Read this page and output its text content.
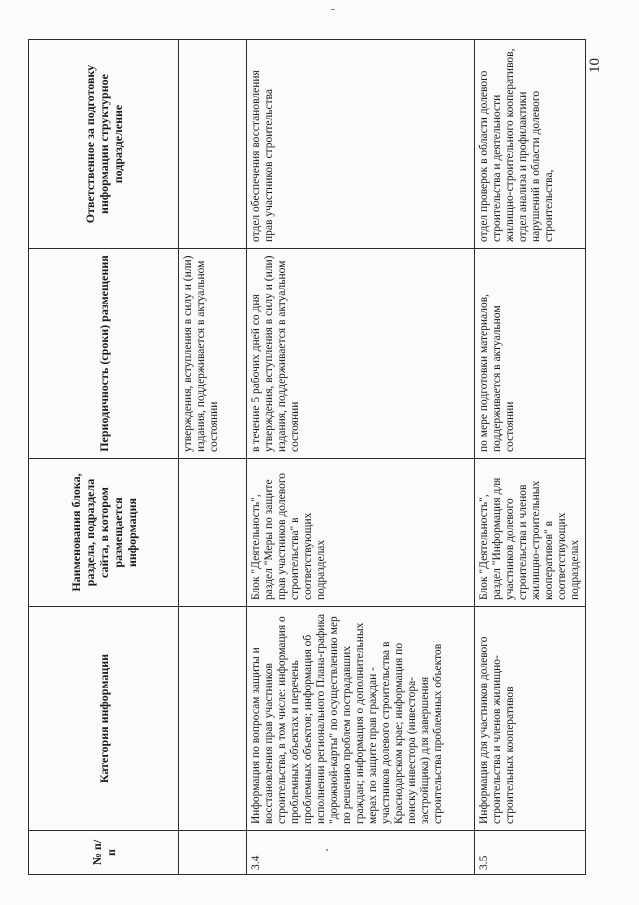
10
№ п/п	Категория информации	Наименования блока, раздела, подраздела сайта, в котором размещается информация	Периодичность (сроки) размещения	Ответственное за подготовку информации структурное подразделение
			утверждения, вступления в силу и (или) издания, поддерживается в актуальном состоянии	
3.4	Информация по вопросам защиты и восстановления прав участников строительства, в том числе: информация о проблемных объектах и перечень проблемных объектов; информация об исполнении регионального Плана-графика "дорожной-карты" по осуществлению мер по решению проблем пострадавших граждан; информация о дополнительных мерах по защите прав граждан - участников долевого строительства в Краснодарском крае; информация по поиску инвестора (инвестора-застройщика) для завершения строительства проблемных объектов	Блок "Деятельность", раздел "Меры по защите прав участников долевого строительства" в соответствующих подразделах	в течение 5 рабочих дней со дня утверждения, вступления в силу и (или) издания, поддерживается в актуальном состоянии	отдел обеспечения восстановления прав участников строительства
3.5	Информация для участников долевого строительства и членов жилищно-строительных кооперативов	Блок "Деятельность", раздел "Информация для участников долевого строительства и членов жилищно-строительных кооперативов" в соответствующих подразделах	по мере подготовки материалов, поддерживается в актуальном состоянии	отдел проверок в области долевого строительства и деятельности жилищно-строительного кооперативов, отдел анализа и профилактики нарушений в области долевого строительства,
